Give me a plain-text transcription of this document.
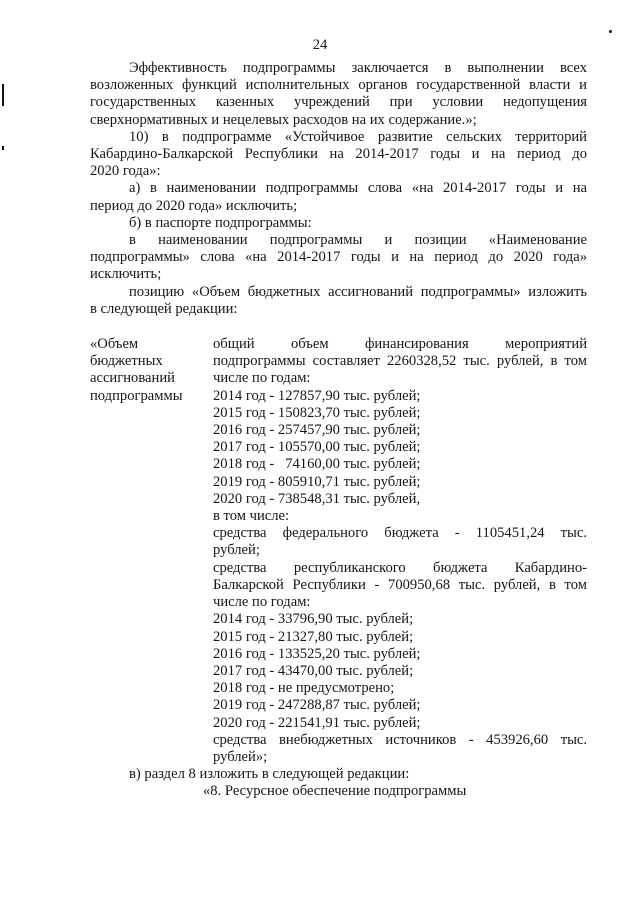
24

Эффективность подпрограммы заключается в выполнении всех

возложенных функций исполнительных органов государственной власти и

государственных казенных учреждений при условии недопущения

сверхнормативных и нецелевых расходов на их содержание.»;

10) в подпрограмме «Устойчивое развитие сельских территорий

Кабардино-Балкарской Республики на 2014-2017 годы и на период до

2020 года»:

а) в наименовании подпрограммы слова «на 2014-2017 годы и на

период до 2020 года» исключить;

б) в паспорте подпрограммы:

в наименовании подпрограммы и позиции «Наименование

подпрограммы» слова «на 2014-2017 годы и на период до 2020 года»

исключить;

позицию «Объем бюджетных ассигнований подпрограммы» изложить

в следующей редакции:

«Объем

бюджетных

ассигнований

подпрограммы

общий объем финансирования мероприятий

подпрограммы составляет 2260328,52 тыс. рублей, в том

числе по годам:

2014 год - 127857,90 тыс. рублей;

2015 год - 150823,70 тыс. рублей;

2016 год - 257457,90 тыс. рублей;

2017 год - 105570,00 тыс. рублей;

2018 год -   74160,00 тыс. рублей;

2019 год - 805910,71 тыс. рублей;

2020 год - 738548,31 тыс. рублей,

в том числе:

средства федерального бюджета - 1105451,24 тыс.

рублей;

средства республиканского бюджета Кабардино-

Балкарской Республики - 700950,68 тыс. рублей, в том

числе по годам:

2014 год - 33796,90 тыс. рублей;

2015 год - 21327,80 тыс. рублей;

2016 год - 133525,20 тыс. рублей;

2017 год - 43470,00 тыс. рублей;

2018 год - не предусмотрено;

2019 год - 247288,87 тыс. рублей;

2020 год - 221541,91 тыс. рублей;

средства внебюджетных источников - 453926,60 тыс.

рублей»;

в) раздел 8 изложить в следующей редакции:

«8. Ресурсное обеспечение подпрограммы
